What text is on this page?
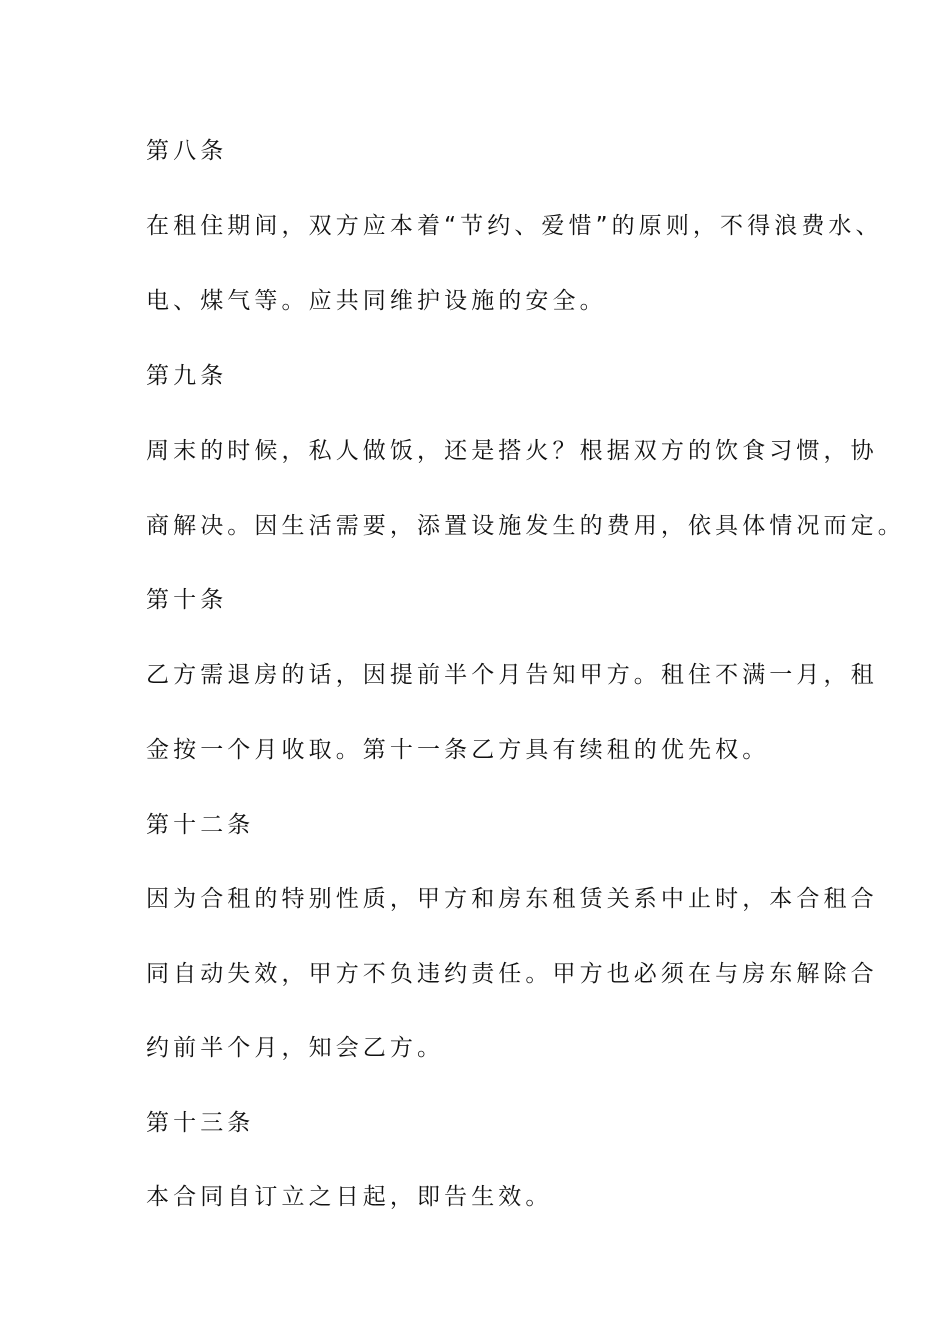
第八条
在租住期间，双方应本着“节约、爱惜”的原则，不得浪费水、
电、煤气等。应共同维护设施的安全。
第九条
周末的时候，私人做饭，还是搭火？根据双方的饮食习惯，协
商解决。因生活需要，添置设施发生的费用，依具体情况而定。
第十条
乙方需退房的话，因提前半个月告知甲方。租住不满一月，租
金按一个月收取。第十一条乙方具有续租的优先权。
第十二条
因为合租的特别性质，甲方和房东租赁关系中止时，本合租合
同自动失效，甲方不负违约责任。甲方也必须在与房东解除合
约前半个月，知会乙方。
第十三条
本合同自订立之日起，即告生效。
